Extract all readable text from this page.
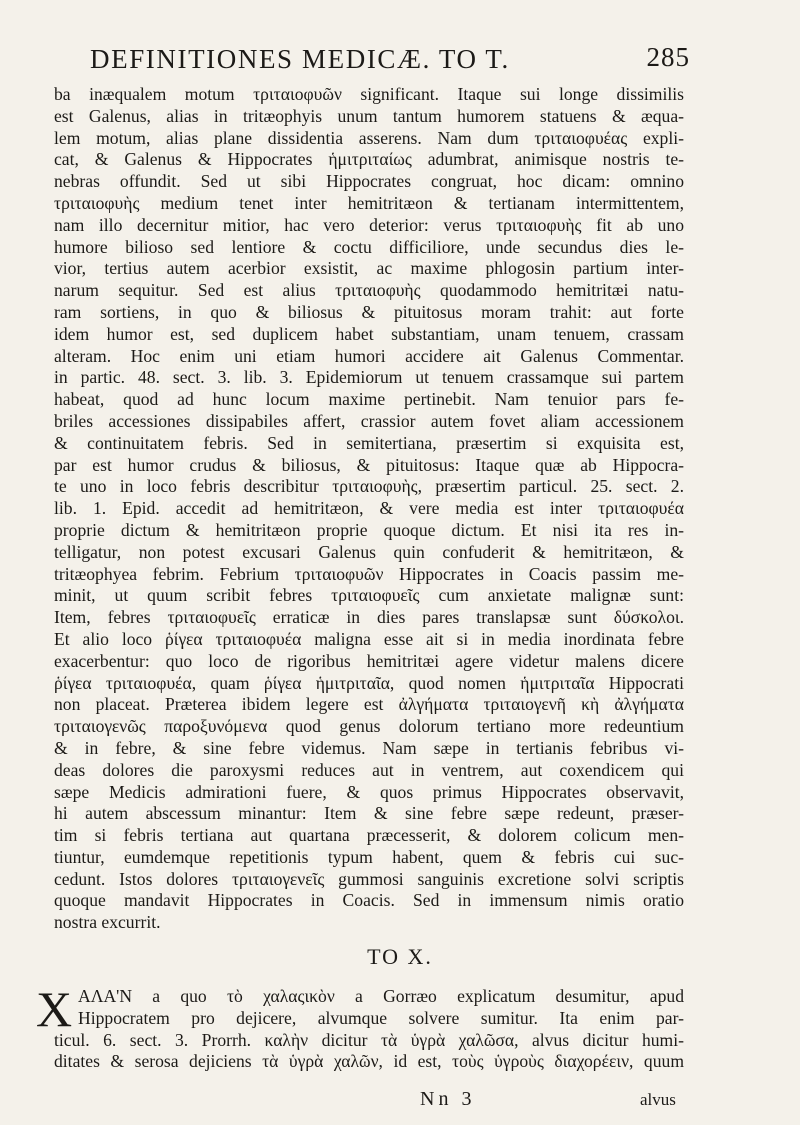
DEFINITIONES MEDICÆ. TO T.	285
ba inæqualem motum τριταιοφυῶν significant. Itaque sui longe dissimilis
est Galenus, alias in tritæophyis unum tantum humorem statuens & æqua-
lem motum, alias plane dissidentia asserens. Nam dum τριταιοφυέας expli-
cat, & Galenus & Hippocrates ἡμιτριταίως adumbrat, animisque nostris te-
nebras offundit. Sed ut sibi Hippocrates congruat, hoc dicam: omnino
τριταιοφυὴς medium tenet inter hemitritæon & tertianam intermittentem,
nam illo decernitur mitior, hac vero deterior: verus τριταιοφυὴς fit ab uno
humore bilioso sed lentiore & coctu difficiliore, unde secundus dies le-
vior, tertius autem acerbior exsistit, ac maxime phlogosin partium inter-
narum sequitur. Sed est alius τριταιοφυὴς quodammodo hemitritæi natu-
ram sortiens, in quo & biliosus & pituitosus moram trahit: aut forte
idem humor est, sed duplicem habet substantiam, unam tenuem, crassam
alteram. Hoc enim uni etiam humori accidere ait Galenus Commentar.
in partic. 48. sect. 3. lib. 3. Epidemiorum ut tenuem crassamque sui partem
habeat, quod ad hunc locum maxime pertinebit. Nam tenuior pars fe-
briles accessiones dissipabiles affert, crassior autem fovet aliam accessionem
& continuitatem febris. Sed in semitertiana, præsertim si exquisita est,
par est humor crudus & biliosus, & pituitosus: Itaque quæ ab Hippocra-
te uno in loco febris describitur τριταιοφυὴς, præsertim particul. 25. sect. 2.
lib. 1. Epid. accedit ad hemitritæon, & vere media est inter τριταιοφυέα
proprie dictum & hemitritæon proprie quoque dictum. Et nisi ita res in-
telligatur, non potest excusari Galenus quin confuderit & hemitritæon, &
tritæophyea febrim. Febrium τριταιοφυῶν Hippocrates in Coacis passim me-
minit, ut quum scribit febres τριταιοφυεῖς cum anxietate malignæ sunt:
Item, febres τριταιοφυεῖς erraticæ in dies pares translapsæ sunt δύσκολοι.
Et alio loco ῥίγεα τριταιοφυέα maligna esse ait si in media inordinata febre
exacerbentur: quo loco de rigoribus hemitritæi agere videtur malens dicere
ῥίγεα τριταιοφυέα, quam ῥίγεα ἡμιτριταῖα, quod nomen ἡμιτριταῖα Hippocrati
non placeat. Præterea ibidem legere est ἀλγήματα τριταιογενῆ κὴ ἀλγήματα
τριταιογενῶς παροξυνόμενα quod genus dolorum tertiano more redeuntium
& in febre, & sine febre videmus. Nam sæpe in tertianis febribus vi-
deas dolores die paroxysmi reduces aut in ventrem, aut coxendicem qui
sæpe Medicis admirationi fuere, & quos primus Hippocrates observavit,
hi autem abscessum minantur: Item & sine febre sæpe redeunt, præser-
tim si febris tertiana aut quartana præcesserit, & dolorem colicum men-
tiuntur, eumdemque repetitionis typum habent, quem & febris cui suc-
cedunt. Istos dolores τριταιογενεῖς gummosi sanguinis excretione solvi scriptis
quoque mandavit Hippocrates in Coacis. Sed in immensum nimis oratio
nostra excurrit.
TO X.
X ΑΛΑ'Ν a quo τὸ χαλαςικὸν a Gorræo explicatum desumitur, apud
Hippocratem pro dejicere, alvumque solvere sumitur. Ita enim par-
ticul. 6. sect. 3. Prorrh. καλὴν dicitur τὰ ὑγρὰ χαλῶσα, alvus dicitur humi-
ditates & serosa dejiciens τὰ ὑγρὰ χαλῶν, id est, τοὺς ὑγροὺς διαχορέειν, quum
Nn 3	alvus
